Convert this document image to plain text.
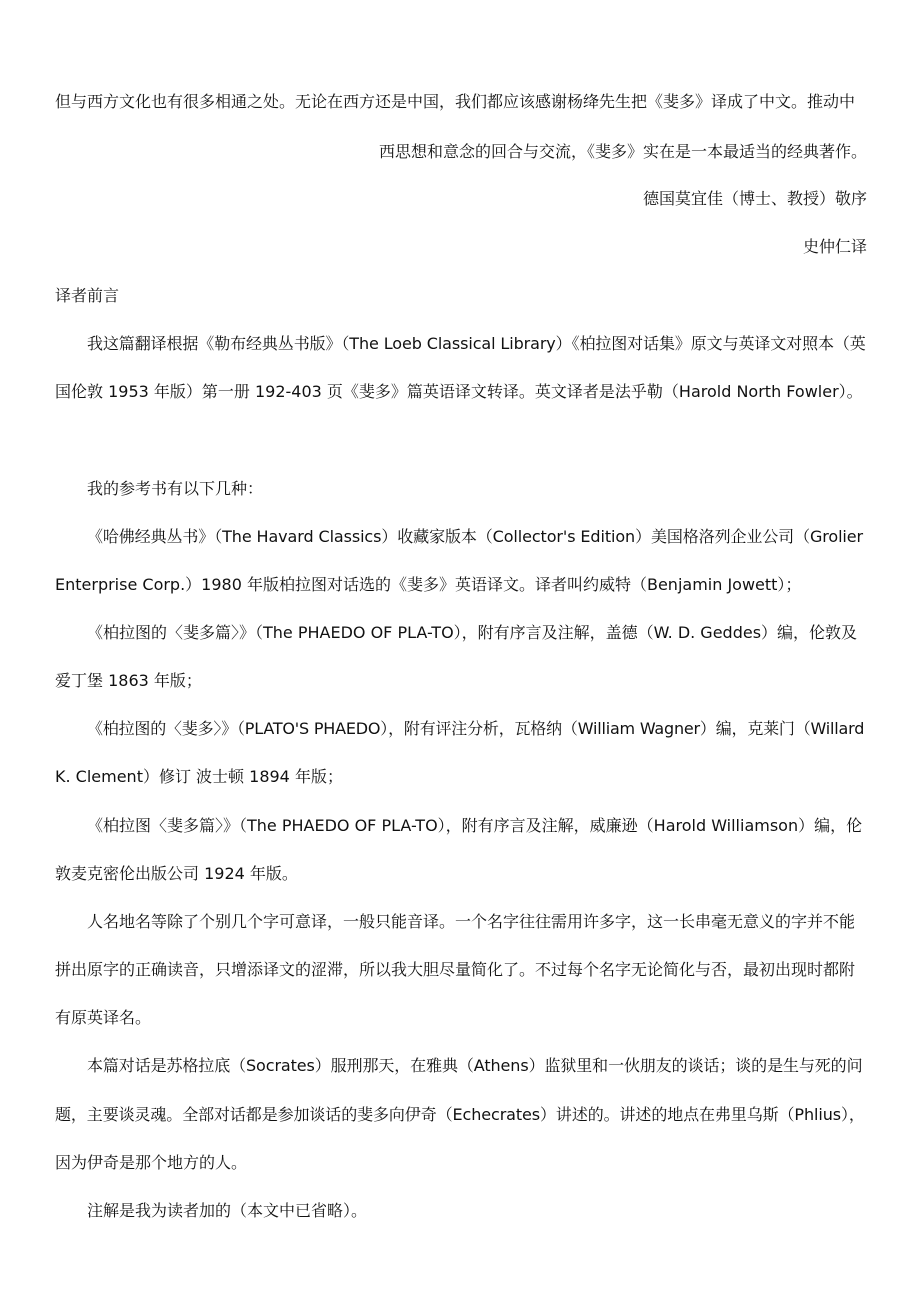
但与西方文化也有很多相通之处。无论在西方还是中国，我们都应该感谢杨绛先生把《斐多》译成了中文。推动中
西思想和意念的回合与交流，《斐多》实在是一本最适当的经典著作。
德国莫宜佳（博士、教授）敬序
史仲仁译
译者前言
我这篇翻译根据《勒布经典丛书版》（The Loeb Classical Library）《柏拉图对话集》原文与英译文对照本（英
国伦敦 1953 年版）第一册 192-403 页《斐多》篇英语译文转译。英文译者是法乎勒（Harold North Fowler）。
我的参考书有以下几种：
《哈佛经典丛书》（The Havard Classics）收藏家版本（Collector's Edition）美国格洛列企业公司（Grolier
Enterprise Corp.）1980 年版柏拉图对话选的《斐多》英语译文。译者叫约威特（Benjamin Jowett）；
《柏拉图的〈斐多篇〉》（The PHAEDO OF PLA-TO），附有序言及注解，盖德（W. D. Geddes）编，伦敦及
爱丁堡 1863 年版；
《柏拉图的〈斐多〉》（PLATO'S PHAEDO），附有评注分析，瓦格纳（William Wagner）编，克莱门（Willard
K. Clement）修订 波士顿 1894 年版；
《柏拉图〈斐多篇〉》（The PHAEDO OF PLA-TO），附有序言及注解，威廉逊（Harold Williamson）编，伦
敦麦克密伦出版公司 1924 年版。
人名地名等除了个别几个字可意译，一般只能音译。一个名字往往需用许多字，这一长串毫无意义的字并不能
拼出原字的正确读音，只增添译文的涩滞，所以我大胆尽量简化了。不过每个名字无论简化与否，最初出现时都附
有原英译名。
本篇对话是苏格拉底（Socrates）服刑那天，在雅典（Athens）监狱里和一伙朋友的谈话；谈的是生与死的问
题，主要谈灵魂。全部对话都是参加谈话的斐多向伊奇（Echecrates）讲述的。讲述的地点在弗里乌斯（Phlius），
因为伊奇是那个地方的人。
注解是我为读者加的（本文中已省略）。
